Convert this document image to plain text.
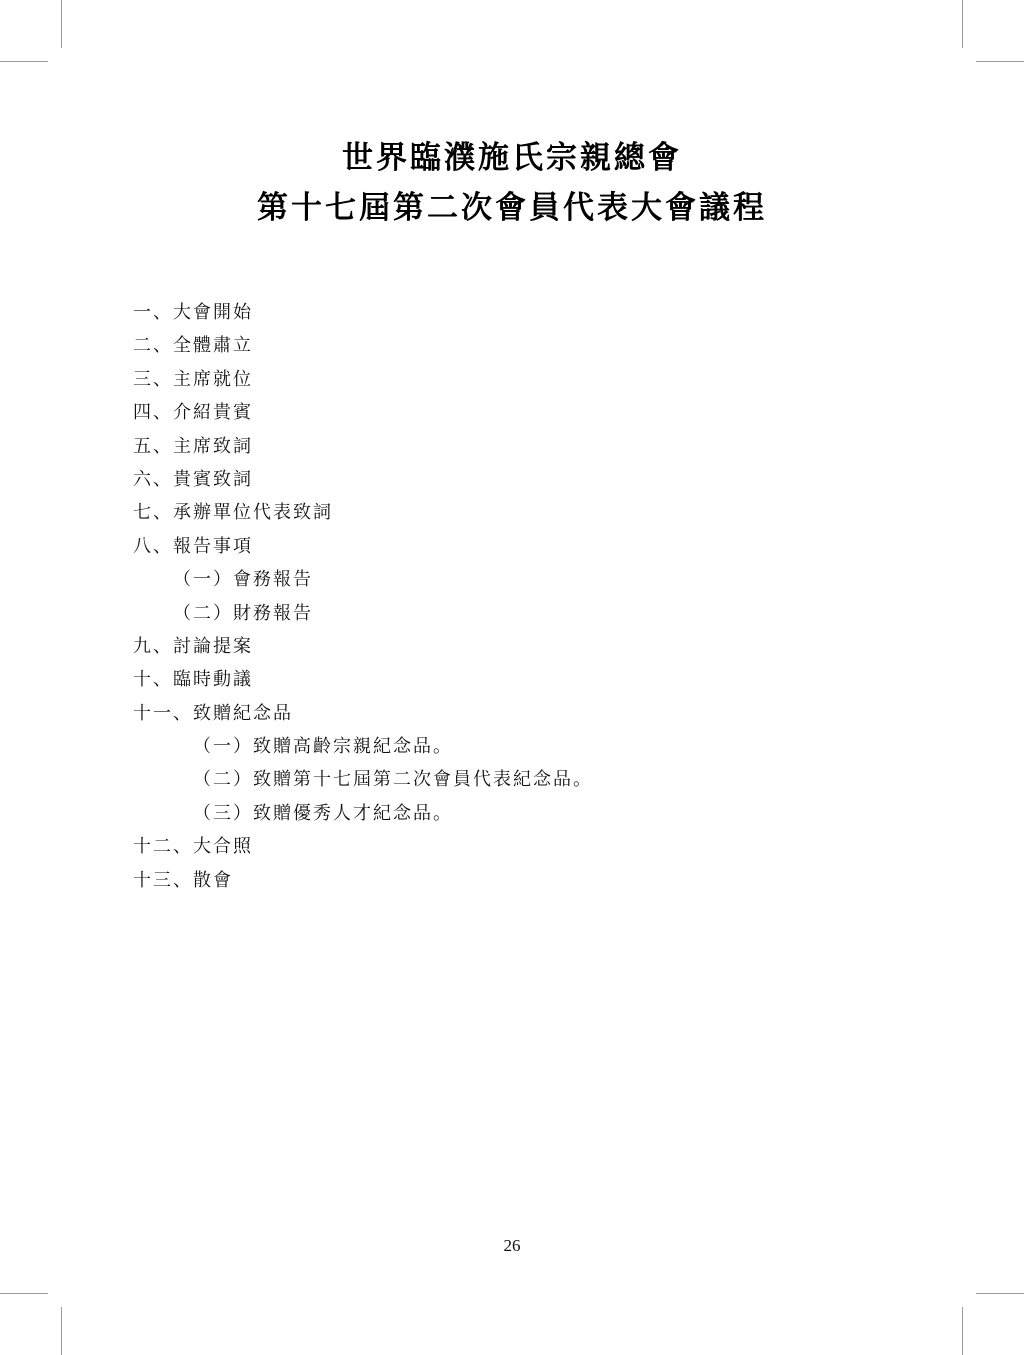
世界臨濮施氏宗親總會
第十七屆第二次會員代表大會議程
一、大會開始
二、全體肅立
三、主席就位
四、介紹貴賓
五、主席致詞
六、貴賓致詞
七、承辦單位代表致詞
八、報告事項
（一）會務報告
（二）財務報告
九、討論提案
十、臨時動議
十一、致贈紀念品
（一）致贈高齡宗親紀念品。
（二）致贈第十七屆第二次會員代表紀念品。
（三）致贈優秀人才紀念品。
十二、大合照
十三、散會
26
